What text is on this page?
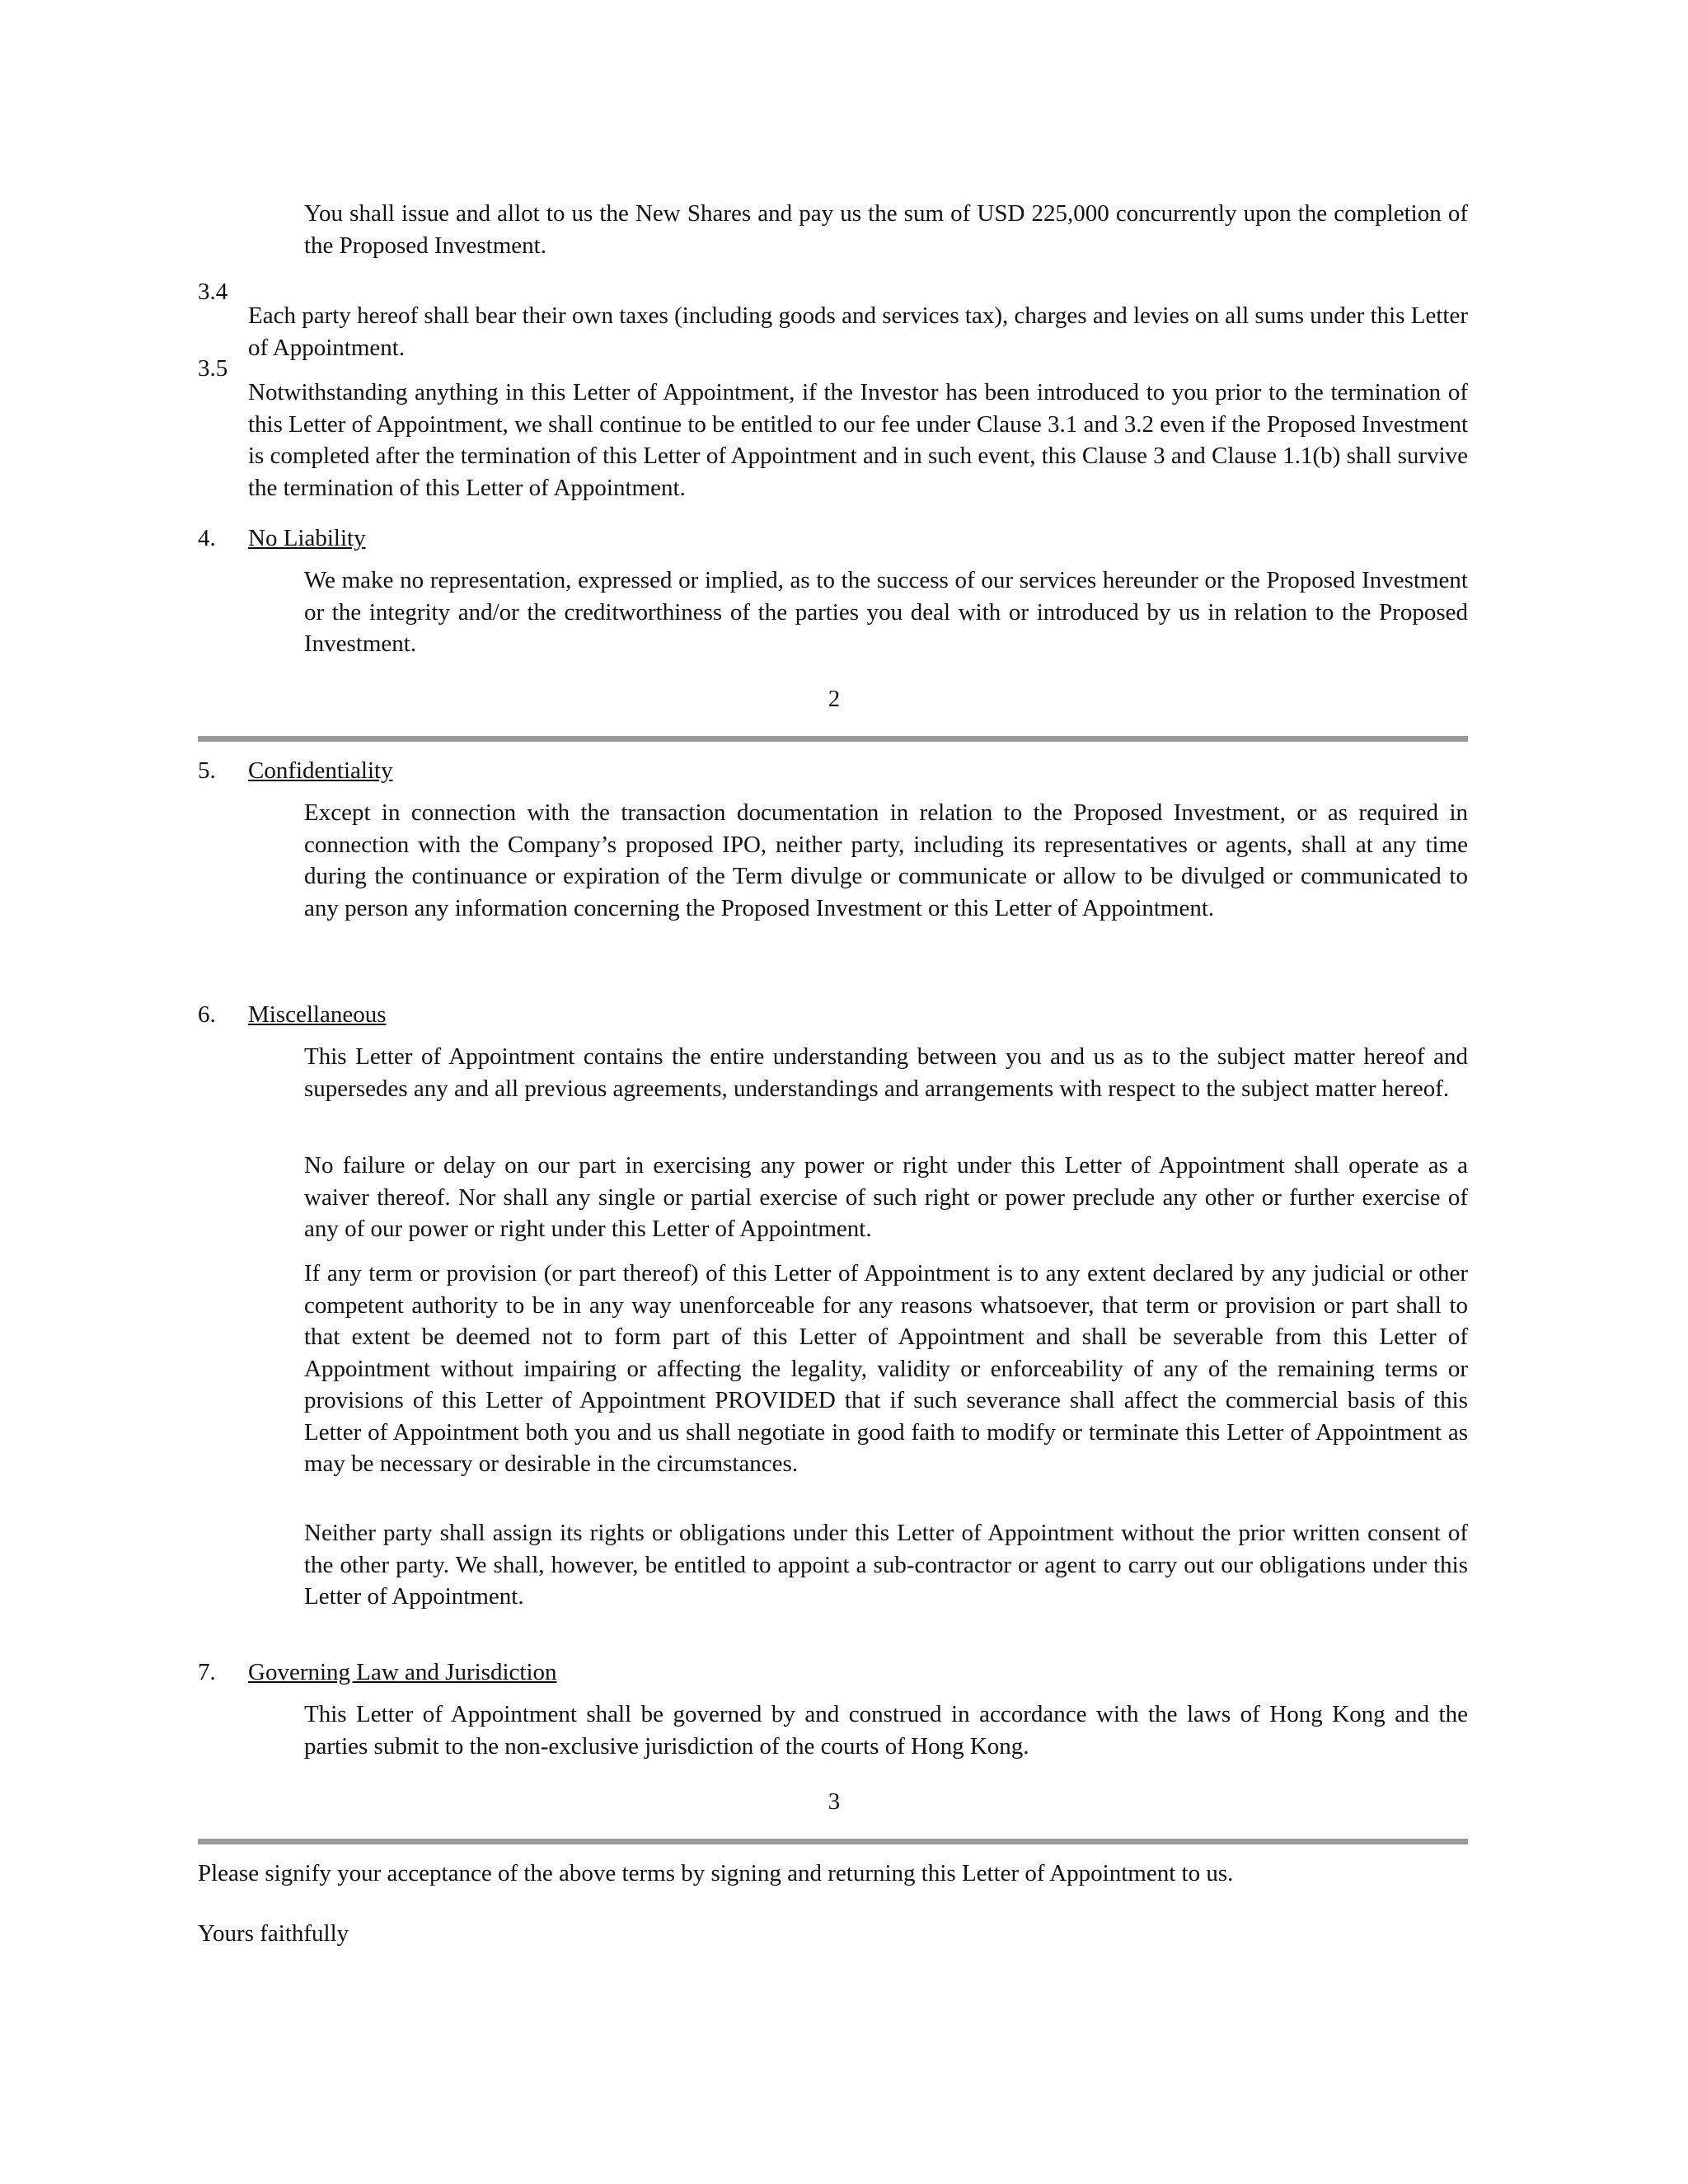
You shall issue and allot to us the New Shares and pay us the sum of USD 225,000 concurrently upon the completion of the Proposed Investment.

3.4

Each party hereof shall bear their own taxes (including goods and services tax), charges and levies on all sums under this Letter of Appointment.

3.5

Notwithstanding anything in this Letter of Appointment, if the Investor has been introduced to you prior to the termination of this Letter of Appointment, we shall continue to be entitled to our fee under Clause 3.1 and 3.2 even if the Proposed Investment is completed after the termination of this Letter of Appointment and in such event, this Clause 3 and Clause 1.1(b) shall survive the termination of this Letter of Appointment.

4. No Liability

We make no representation, expressed or implied, as to the success of our services hereunder or the Proposed Investment or the integrity and/or the creditworthiness of the parties you deal with or introduced by us in relation to the Proposed Investment.

2
5. Confidentiality

Except in connection with the transaction documentation in relation to the Proposed Investment, or as required in connection with the Company’s proposed IPO, neither party, including its representatives or agents, shall at any time during the continuance or expiration of the Term divulge or communicate or allow to be divulged or communicated to any person any information concerning the Proposed Investment or this Letter of Appointment.

6. Miscellaneous

This Letter of Appointment contains the entire understanding between you and us as to the subject matter hereof and supersedes any and all previous agreements, understandings and arrangements with respect to the subject matter hereof.

No failure or delay on our part in exercising any power or right under this Letter of Appointment shall operate as a waiver thereof. Nor shall any single or partial exercise of such right or power preclude any other or further exercise of any of our power or right under this Letter of Appointment.

If any term or provision (or part thereof) of this Letter of Appointment is to any extent declared by any judicial or other competent authority to be in any way unenforceable for any reasons whatsoever, that term or provision or part shall to that extent be deemed not to form part of this Letter of Appointment and shall be severable from this Letter of Appointment without impairing or affecting the legality, validity or enforceability of any of the remaining terms or provisions of this Letter of Appointment PROVIDED that if such severance shall affect the commercial basis of this Letter of Appointment both you and us shall negotiate in good faith to modify or terminate this Letter of Appointment as may be necessary or desirable in the circumstances.

Neither party shall assign its rights or obligations under this Letter of Appointment without the prior written consent of the other party. We shall, however, be entitled to appoint a sub-contractor or agent to carry out our obligations under this Letter of Appointment.

7. Governing Law and Jurisdiction

This Letter of Appointment shall be governed by and construed in accordance with the laws of Hong Kong and the parties submit to the non-exclusive jurisdiction of the courts of Hong Kong.

3

Please signify your acceptance of the above terms by signing and returning this Letter of Appointment to us.

Yours faithfully
